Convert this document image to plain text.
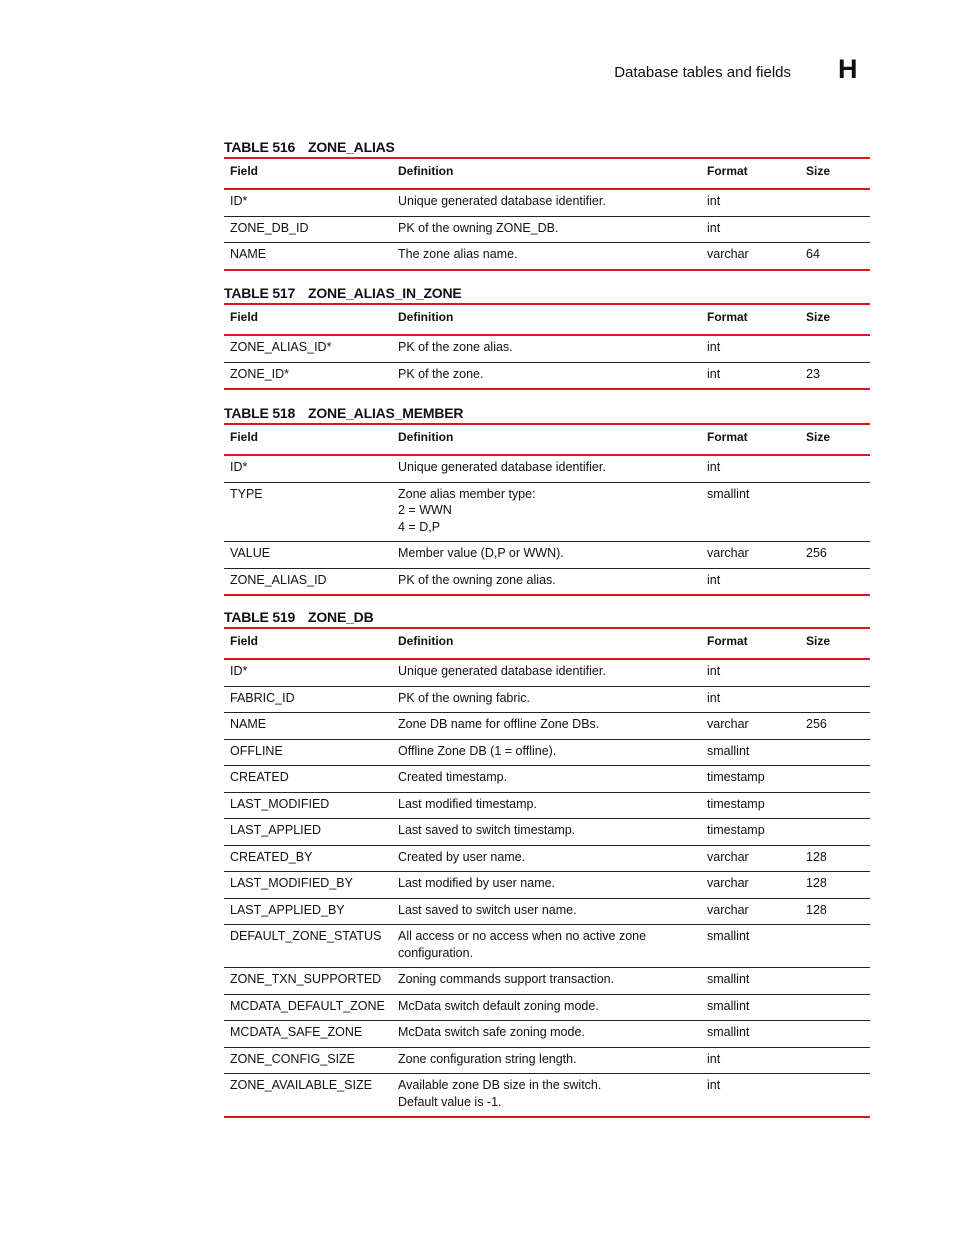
Database tables and fields H
TABLE 516 ZONE_ALIAS
Field	Definition	Format	Size
ID*	Unique generated database identifier.	int	
ZONE_DB_ID	PK of the owning ZONE_DB.	int	
NAME	The zone alias name.	varchar	64
TABLE 517 ZONE_ALIAS_IN_ZONE
Field	Definition	Format	Size
ZONE_ALIAS_ID*	PK of the zone alias.	int	
ZONE_ID*	PK of the zone.	int	23
TABLE 518 ZONE_ALIAS_MEMBER
Field	Definition	Format	Size
ID*	Unique generated database identifier.	int	
TYPE	Zone alias member type:
2 = WWN
4 = D,P	smallint	
VALUE	Member value (D,P or WWN).	varchar	256
ZONE_ALIAS_ID	PK of the owning zone alias.	int	
TABLE 519 ZONE_DB
Field	Definition	Format	Size
ID*	Unique generated database identifier.	int	
FABRIC_ID	PK of the owning fabric.	int	
NAME	Zone DB name for offline Zone DBs.	varchar	256
OFFLINE	Offline Zone DB (1 = offline).	smallint	
CREATED	Created timestamp.	timestamp	
LAST_MODIFIED	Last modified timestamp.	timestamp	
LAST_APPLIED	Last saved to switch timestamp.	timestamp	
CREATED_BY	Created by user name.	varchar	128
LAST_MODIFIED_BY	Last modified by user name.	varchar	128
LAST_APPLIED_BY	Last saved to switch user name.	varchar	128
DEFAULT_ZONE_STATUS	All access or no access when no active zone
configuration.	smallint	
ZONE_TXN_SUPPORTED	Zoning commands support transaction.	smallint	
MCDATA_DEFAULT_ZONE	McData switch default zoning mode.	smallint	
MCDATA_SAFE_ZONE	McData switch safe zoning mode.	smallint	
ZONE_CONFIG_SIZE	Zone configuration string length.	int	
ZONE_AVAILABLE_SIZE	Available zone DB size in the switch.
Default value is -1.	int	
